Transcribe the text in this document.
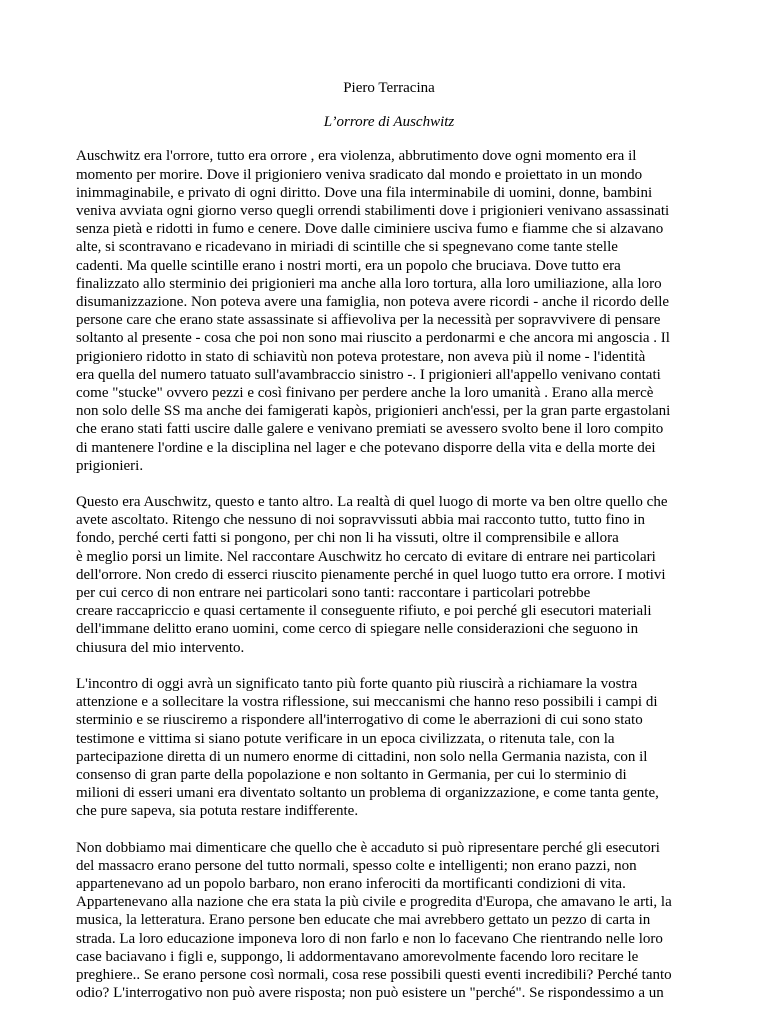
Piero Terracina
L’orrore di Auschwitz
Auschwitz era l'orrore, tutto era orrore , era violenza, abbrutimento dove ogni momento era il
momento per morire. Dove il prigioniero veniva sradicato dal mondo e proiettato in un mondo
inimmaginabile, e privato di ogni diritto. Dove una fila interminabile di uomini, donne, bambini
veniva avviata ogni giorno verso quegli orrendi stabilimenti dove i prigionieri venivano assassinati
senza pietà e ridotti in fumo e cenere. Dove dalle ciminiere usciva fumo e fiamme che si alzavano
alte, si scontravano e ricadevano in miriadi di scintille che si spegnevano come tante stelle
cadenti. Ma quelle scintille erano i nostri morti, era un popolo che bruciava. Dove tutto era
finalizzato allo sterminio dei prigionieri ma anche alla loro tortura, alla loro umiliazione, alla loro
disumanizzazione. Non poteva avere una famiglia, non poteva avere ricordi - anche il ricordo delle
persone care che erano state assassinate si affievoliva per la necessità per sopravvivere di pensare
soltanto al presente - cosa che poi non sono mai riuscito a perdonarmi e che ancora mi angoscia . Il
prigioniero ridotto in stato di schiavitù non poteva protestare, non aveva più il nome - l'identità
era quella del numero tatuato sull'avambraccio sinistro -. I prigionieri all'appello venivano contati
come "stucke" ovvero pezzi e così finivano per perdere anche la loro umanità . Erano alla mercè
non solo delle SS ma anche dei famigerati kapòs, prigionieri anch'essi, per la gran parte ergastolani
che erano stati fatti uscire dalle galere e venivano premiati se avessero svolto bene il loro compito
di mantenere l'ordine e la disciplina nel lager e che potevano disporre della vita e della morte dei
prigionieri.
Questo era Auschwitz, questo e tanto altro. La realtà di quel luogo di morte va ben oltre quello che
avete ascoltato. Ritengo che nessuno di noi sopravvissuti abbia mai racconto tutto, tutto fino in
fondo, perché certi fatti si pongono, per chi non li ha vissuti, oltre il comprensibile e allora
è meglio porsi un limite. Nel raccontare Auschwitz ho cercato di evitare di entrare nei particolari
dell'orrore. Non credo di esserci riuscito pienamente perché in quel luogo tutto era orrore. I motivi
per cui cerco di non entrare nei particolari sono tanti: raccontare i particolari potrebbe
creare raccapriccio e quasi certamente il conseguente rifiuto, e poi perché gli esecutori materiali
dell'immane delitto erano uomini, come cerco di spiegare nelle considerazioni che seguono in
chiusura del mio intervento.
L'incontro di oggi avrà un significato tanto più forte quanto più riuscirà a richiamare la vostra
attenzione e a sollecitare la vostra riflessione, sui meccanismi che hanno reso possibili i campi di
sterminio e se riusciremo a rispondere all'interrogativo di come le aberrazioni di cui sono stato
testimone e vittima si siano potute verificare in un epoca civilizzata, o ritenuta tale, con la
partecipazione diretta di un numero enorme di cittadini, non solo nella Germania nazista, con il
consenso di gran parte della popolazione e non soltanto in Germania, per cui lo sterminio di
milioni di esseri umani era diventato soltanto un problema di organizzazione, e come tanta gente,
che pure sapeva, sia potuta restare indifferente.
Non dobbiamo mai dimenticare che quello che è accaduto si può ripresentare perché gli esecutori
del massacro erano persone del tutto normali, spesso colte e intelligenti; non erano pazzi, non
appartenevano ad un popolo barbaro, non erano inferociti da mortificanti condizioni di vita.
Appartenevano alla nazione che era stata la più civile e progredita d'Europa, che amavano le arti, la
musica, la letteratura. Erano persone ben educate che mai avrebbero gettato un pezzo di carta in
strada. La loro educazione imponeva loro di non farlo e non lo facevano Che rientrando nelle loro
case baciavano i figli e, suppongo, li addormentavano amorevolmente facendo loro recitare le
preghiere.. Se erano persone così normali, cosa rese possibili questi eventi incredibili? Perché tanto
odio? L'interrogativo non può avere risposta; non può esistere un "perché". Se rispondessimo a un
